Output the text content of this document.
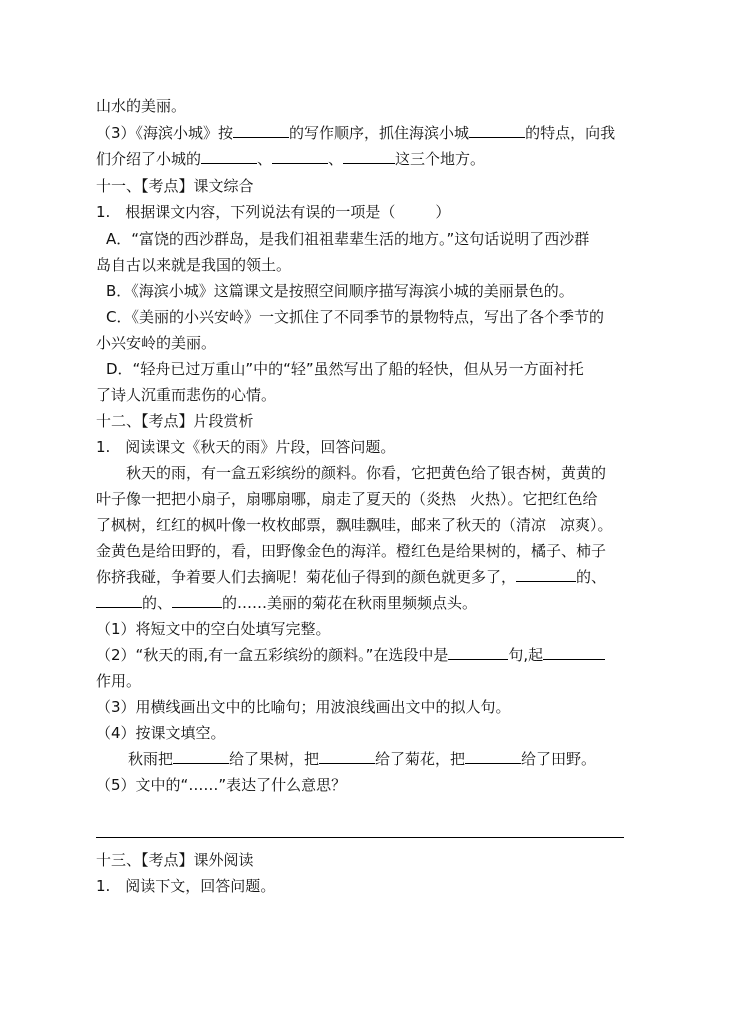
山水的美丽。
（3）《海滨小城》按	的写作顺序，抓住海滨小城	的特点，向我
们介绍了小城的	、	、	这三个地方。
十一、【考点】课文综合
1.　根据课文内容，下列说法有误的一项是（	）
A．“富饶的西沙群岛，是我们祖祖辈辈生活的地方。”这句话说明了西沙群
岛自古以来就是我国的领土。
B．《海滨小城》这篇课文是按照空间顺序描写海滨小城的美丽景色的。
C．《美丽的小兴安岭》一文抓住了不同季节的景物特点，写出了各个季节的
小兴安岭的美丽。
D．“轻舟已过万重山”中的“轻”虽然写出了船的轻快，但从另一方面衬托
了诗人沉重而悲伤的心情。
十二、【考点】片段赏析
1.　阅读课文《秋天的雨》片段，回答问题。
秋天的雨，有一盒五彩缤纷的颜料。你看，它把黄色给了银杏树，黄黄的
叶子像一把把小扇子，扇哪扇哪，扇走了夏天的（炎热 火热）。它把红色给
了枫树，红红的枫叶像一枚枚邮票，飘哇飘哇，邮来了秋天的（清凉 凉爽）。
金黄色是给田野的，看，田野像金色的海洋。橙红色是给果树的，橘子、柿子
你挤我碰，争着要人们去摘呢！菊花仙子得到的颜色就更多了，	的、
的、	的……美丽的菊花在秋雨里频频点头。
（1）将短文中的空白处填写完整。
（2）“秋天的雨,有一盒五彩缤纷的颜料。”在选段中是	句,起
作用。
（3）用横线画出文中的比喻句；用波浪线画出文中的拟人句。
（4）按课文填空。
秋雨把	给了果树，把	给了菊花，把	给了田野。
（5）文中的“……”表达了什么意思？
十三、【考点】课外阅读
1.　阅读下文，回答问题。
